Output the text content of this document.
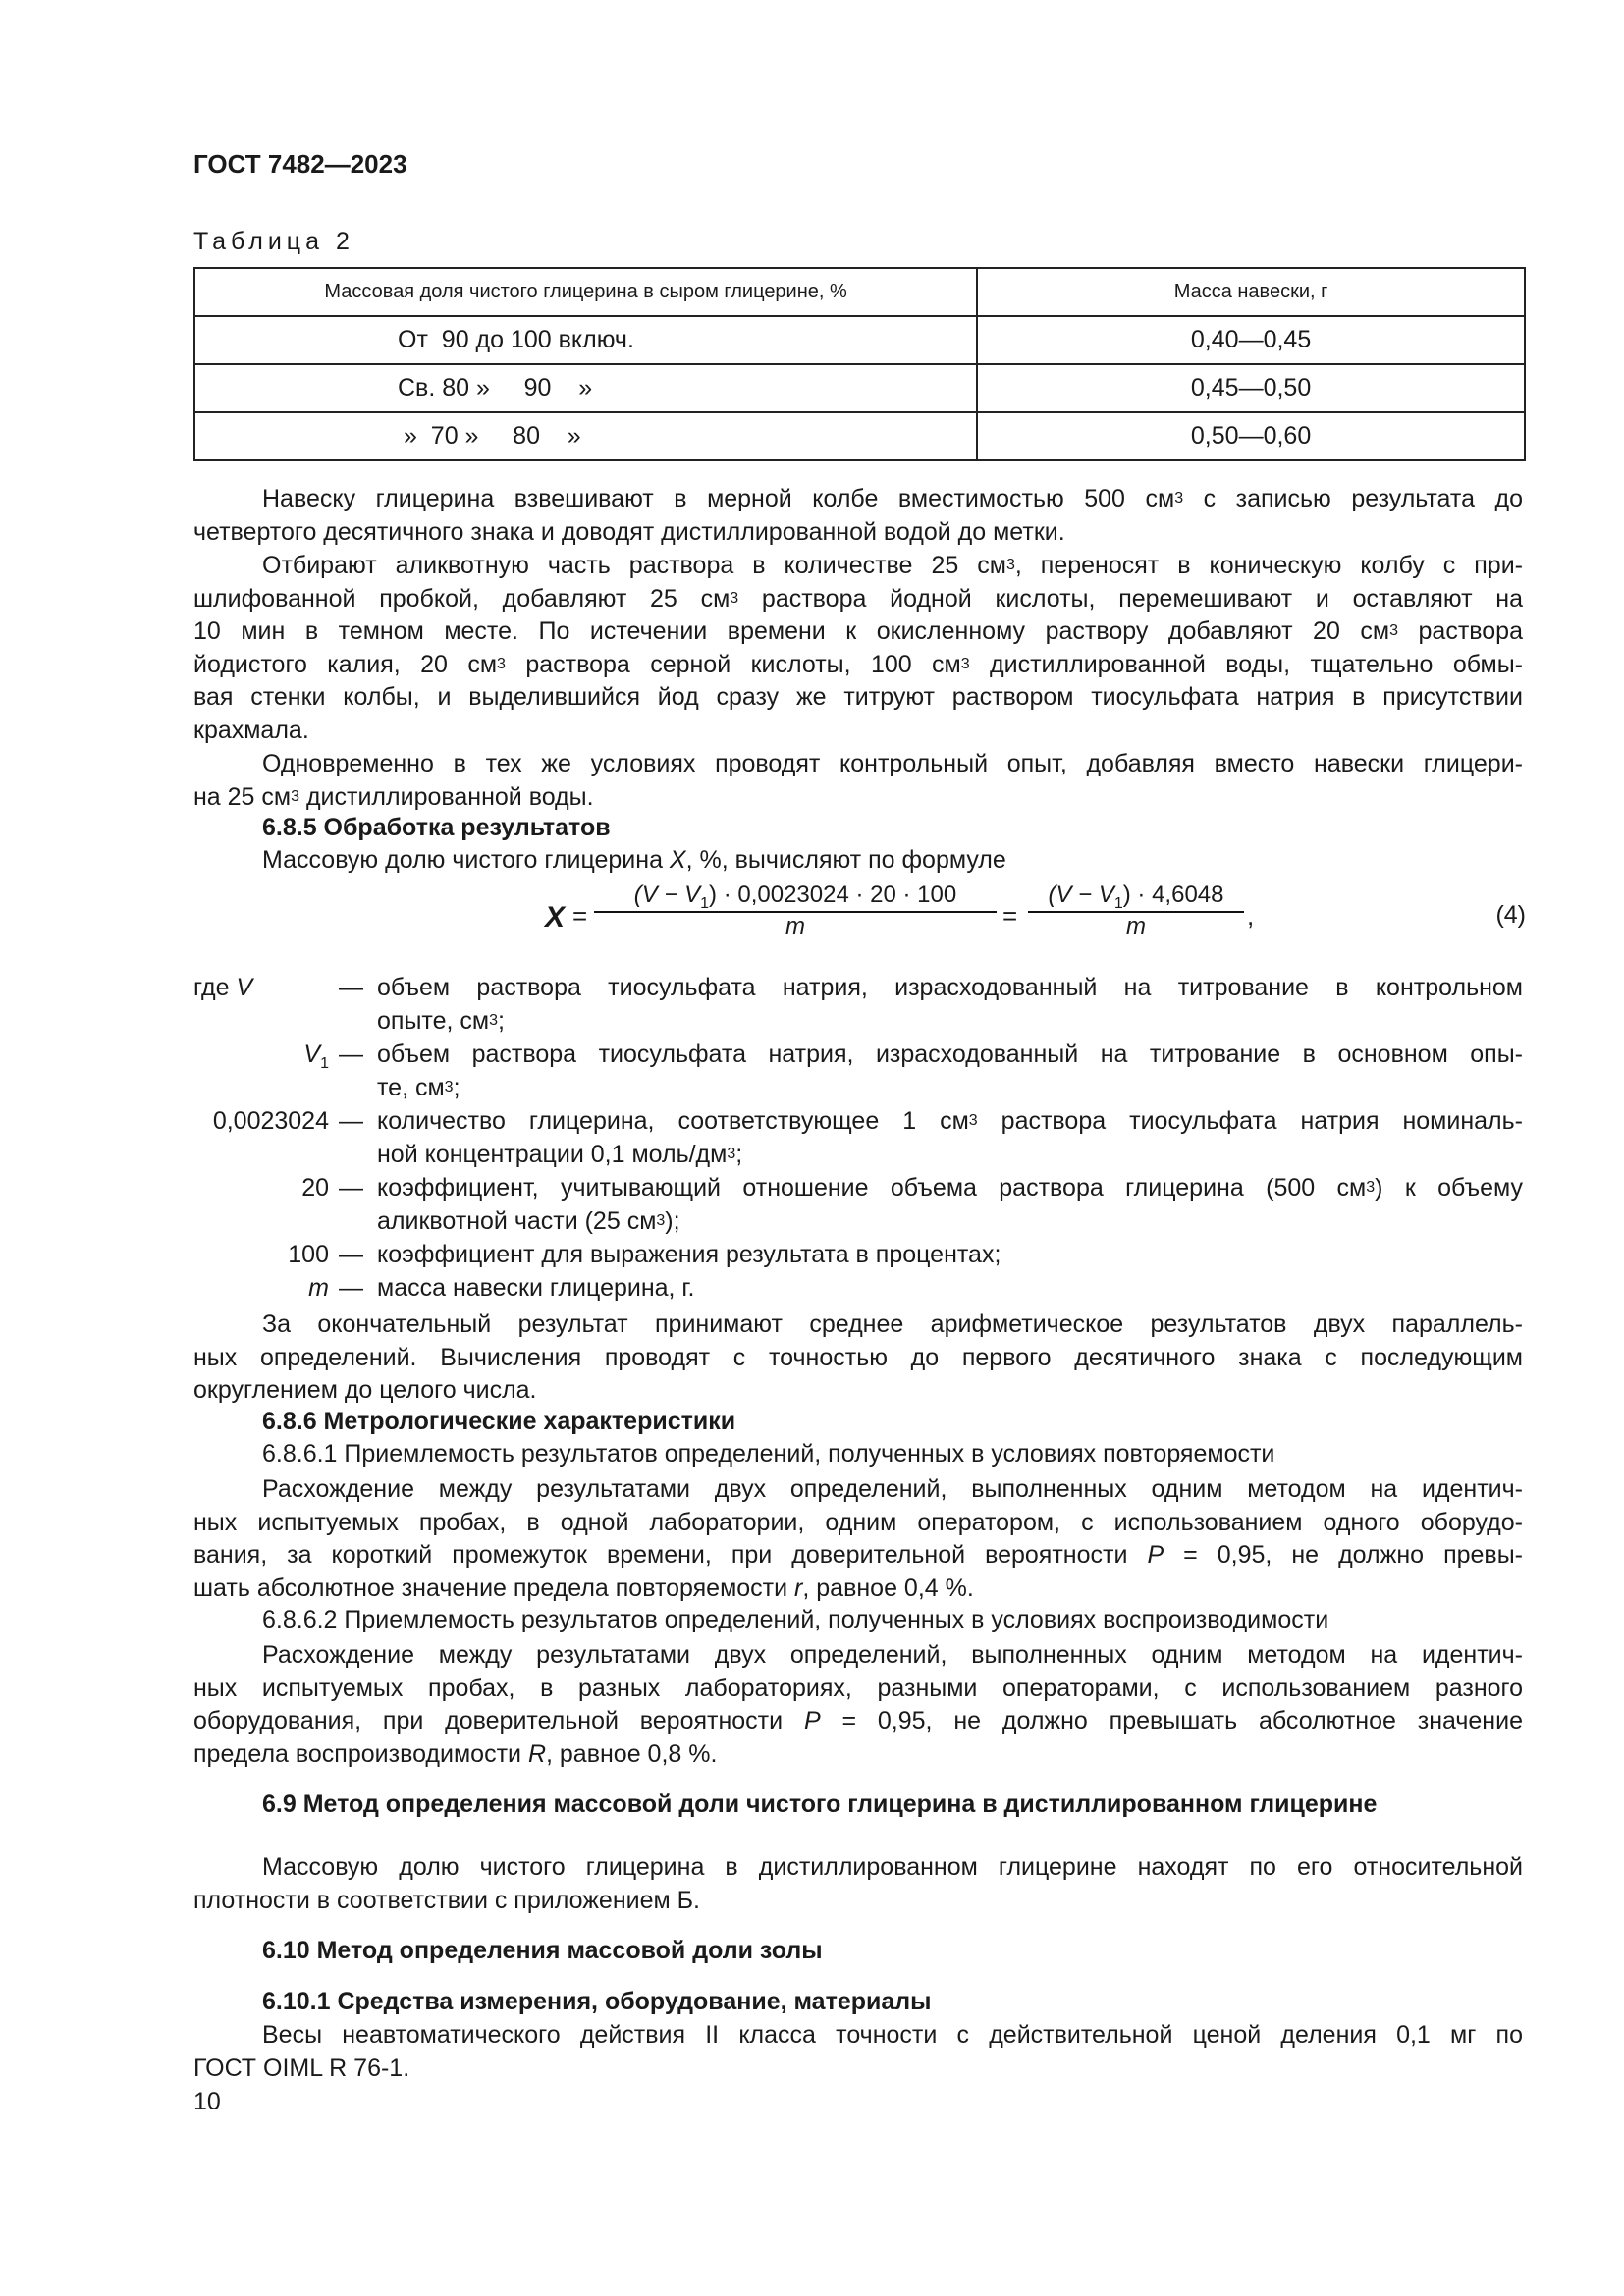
ГОСТ 7482—2023
Таблица 2
Массовая доля чистого глицерина в сыром глицерине, %	Масса навески, г

От  90 до 100 включ.	0,40—0,45

Св. 80 »     90    »	0,45—0,50

»  70 »     80    »	0,50—0,60
Навеску глицерина взвешивают в мерной колбе вместимостью 500 $см^3$ с записью результата до
четвертого десятичного знака и доводят дистиллированной водой до метки.
Отбирают аликвотную часть раствора в количестве 25 $см^3$, переносят в коническую колбу с при-
шлифованной пробкой, добавляют 25 $см^3$ раствора йодной кислоты, перемешивают и оставляют на
10 мин в темном месте. По истечении времени к окисленному раствору добавляют 20 $см^3$ раствора
йодистого калия, 20 $см^3$ раствора серной кислоты, 100 $см^3$ дистиллированной воды, тщательно обмы-
вая стенки колбы, и выделившийся йод сразу же титруют раствором тиосульфата натрия в присутствии
крахмала.
Одновременно в тех же условиях проводят контрольный опыт, добавляя вместо навески глицери-
на 25 $см^3$ дистиллированной воды.
6.8.5 Обработка результатов
Массовую долю чистого глицерина X, %, вычисляют по формуле
$X = \frac{(V - V_1) \cdot 0,0023024 \cdot 20 \cdot 100}{m} = \frac{(V - V_1) \cdot 4,6048}{m}$ ,	(4)
где V	— объем раствора тиосульфата натрия, израсходованный на титрование в контрольном
опыте, $см^3$;
$V_1$ — объем раствора тиосульфата натрия, израсходованный на титрование в основном опы-
те, $см^3$;
0,0023024 — количество глицерина, соответствующее 1 $см^3$ раствора тиосульфата натрия номиналь-
ной концентрации 0,1 моль/$дм^3$;
20 — коэффициент, учитывающий отношение объема раствора глицерина (500 $см^3$) к объему
аликвотной части (25 $см^3$);
100 — коэффициент для выражения результата в процентах;
m — масса навески глицерина, г.
За окончательный результат принимают среднее арифметическое результатов двух параллель-
ных определений. Вычисления проводят с точностью до первого десятичного знака с последующим
округлением до целого числа.
6.8.6 Метрологические характеристики
6.8.6.1 Приемлемость результатов определений, полученных в условиях повторяемости
Расхождение между результатами двух определений, выполненных одним методом на идентич-
ных испытуемых пробах, в одной лаборатории, одним оператором, с использованием одного оборудо-
вания, за короткий промежуток времени, при доверительной вероятности P = 0,95, не должно превы-
шать абсолютное значение предела повторяемости r, равное 0,4 %.
6.8.6.2 Приемлемость результатов определений, полученных в условиях воспроизводимости
Расхождение между результатами двух определений, выполненных одним методом на идентич-
ных испытуемых пробах, в разных лабораториях, разными операторами, с использованием разного
оборудования, при доверительной вероятности P = 0,95, не должно превышать абсолютное значение
предела воспроизводимости R, равное 0,8 %.
6.9 Метод определения массовой доли чистого глицерина в дистиллированном глицерине
Массовую долю чистого глицерина в дистиллированном глицерине находят по его относительной
плотности в соответствии с приложением Б.
6.10 Метод определения массовой доли золы
6.10.1 Средства измерения, оборудование, материалы
Весы неавтоматического действия II класса точности с действительной ценой деления 0,1 мг по
ГОСТ OIML R 76-1.
10
